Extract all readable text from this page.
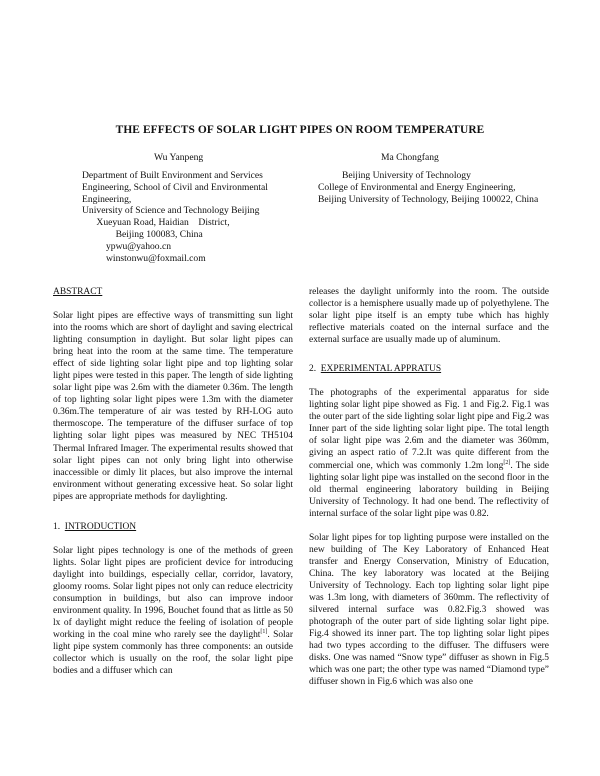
THE EFFECTS OF SOLAR LIGHT PIPES ON ROOM TEMPERATURE
Wu Yanpeng	Ma Chongfang

Department of Built Environment and Services

Engineering, School of Civil and Environmental

Engineering,

University of Science and Technology Beijing

Xueyuan Road, Haidian    District,

Beijing 100083, China

ypwu@yahoo.cn

winstonwu@foxmail.com

Beijing University of Technology

College of Environmental and Energy Engineering,

Beijing University of Technology, Beijing 100022, China

ABSTRACT

Solar light pipes are effective ways of transmitting sun light into the rooms which are short of daylight and saving electrical lighting consumption in daylight. But solar light pipes can bring heat into the room at the same time. The temperature effect of side lighting solar light pipe and top lighting solar light pipes were tested in this paper. The length of side lighting solar light pipe was 2.6m with the diameter 0.36m. The length of top lighting solar light pipes were 1.3m with the diameter 0.36m.The temperature of air was tested by RH-LOG auto thermoscope. The temperature of the diffuser surface of top lighting solar light pipes was measured by NEC TH5104 Thermal Infrared Imager. The experimental results showed that solar light pipes can not only bring light into otherwise inaccessible or dimly lit places, but also improve the internal environment without generating excessive heat. So solar light pipes are appropriate methods for daylighting.

1. INTRODUCTION

Solar light pipes technology is one of the methods of green lights. Solar light pipes are proficient device for introducing daylight into buildings, especially cellar, corridor, lavatory, gloomy rooms. Solar light pipes not only can reduce electricity consumption in buildings, but also can improve indoor environment quality. In 1996, Bouchet found that as little as 50 lx of daylight might reduce the feeling of isolation of people working in the coal mine who rarely see the daylight[1]. Solar light pipe system commonly has three components: an outside collector which is usually on the roof, the solar light pipe bodies and a diffuser which can

releases the daylight uniformly into the room. The outside collector is a hemisphere usually made up of polyethylene. The solar light pipe itself is an empty tube which has highly reflective materials coated on the internal surface and the external surface are usually made up of aluminum.

2. EXPERIMENTAL APPRATUS

The photographs of the experimental apparatus for side lighting solar light pipe showed as Fig. 1 and Fig.2. Fig.1 was the outer part of the side lighting solar light pipe and Fig.2 was Inner part of the side lighting solar light pipe. The total length of solar light pipe was 2.6m and the diameter was 360mm, giving an aspect ratio of 7.2.It was quite different from the commercial one, which was commonly 1.2m long[2]. The side lighting solar light pipe was installed on the second floor in the old thermal engineering laboratory building in Beijing University of Technology. It had one bend. The reflectivity of internal surface of the solar light pipe was 0.82.

Solar light pipes for top lighting purpose were installed on the new building of The Key Laboratory of Enhanced Heat transfer and Energy Conservation, Ministry of Education, China. The key laboratory was located at the Beijing University of Technology. Each top lighting solar light pipe was 1.3m long, with diameters of 360mm. The reflectivity of silvered internal surface was 0.82.Fig.3 showed was photograph of the outer part of side lighting solar light pipe. Fig.4 showed its inner part. The top lighting solar light pipes had two types according to the diffuser. The diffusers were disks. One was named “Snow type” diffuser as shown in Fig.5 which was one part; the other type was named “Diamond type” diffuser shown in Fig.6 which was also one
